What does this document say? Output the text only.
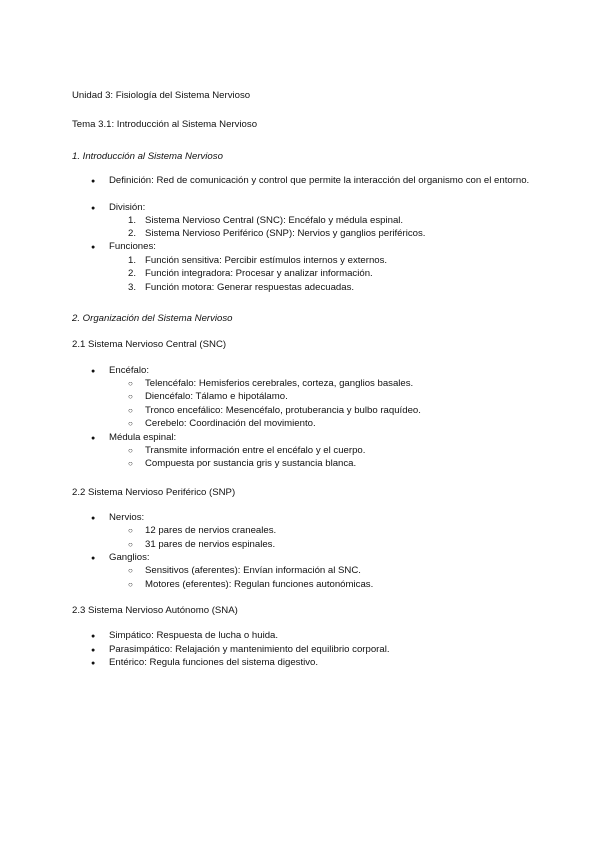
Unidad 3: Fisiología del Sistema Nervioso
Tema 3.1: Introducción al Sistema Nervioso
1. Introducción al Sistema Nervioso
●
Definición: Red de comunicación y control que permite la interacción del organismo con el entorno.
●
División:
1. Sistema Nervioso Central (SNC): Encéfalo y médula espinal.
2. Sistema Nervioso Periférico (SNP): Nervios y ganglios periféricos.
●
Funciones:
1. Función sensitiva: Percibir estímulos internos y externos.
2. Función integradora: Procesar y analizar información.
3. Función motora: Generar respuestas adecuadas.
2. Organización del Sistema Nervioso
2.1 Sistema Nervioso Central (SNC)
●
Encéfalo:
○
Telencéfalo: Hemisferios cerebrales, corteza, ganglios basales.
○
Diencéfalo: Tálamo e hipotálamo.
○
Tronco encefálico: Mesencéfalo, protuberancia y bulbo raquídeo.
○
Cerebelo: Coordinación del movimiento.
●
Médula espinal:
○
Transmite información entre el encéfalo y el cuerpo.
○
Compuesta por sustancia gris y sustancia blanca.
2.2 Sistema Nervioso Periférico (SNP)
●
Nervios:
○
12 pares de nervios craneales.
○
31 pares de nervios espinales.
●
Ganglios:
○
Sensitivos (aferentes): Envían información al SNC.
○
Motores (eferentes): Regulan funciones autonómicas.
2.3 Sistema Nervioso Autónomo (SNA)
●
Simpático: Respuesta de lucha o huida.
●
Parasimpático: Relajación y mantenimiento del equilibrio corporal.
●
Entérico: Regula funciones del sistema digestivo.
